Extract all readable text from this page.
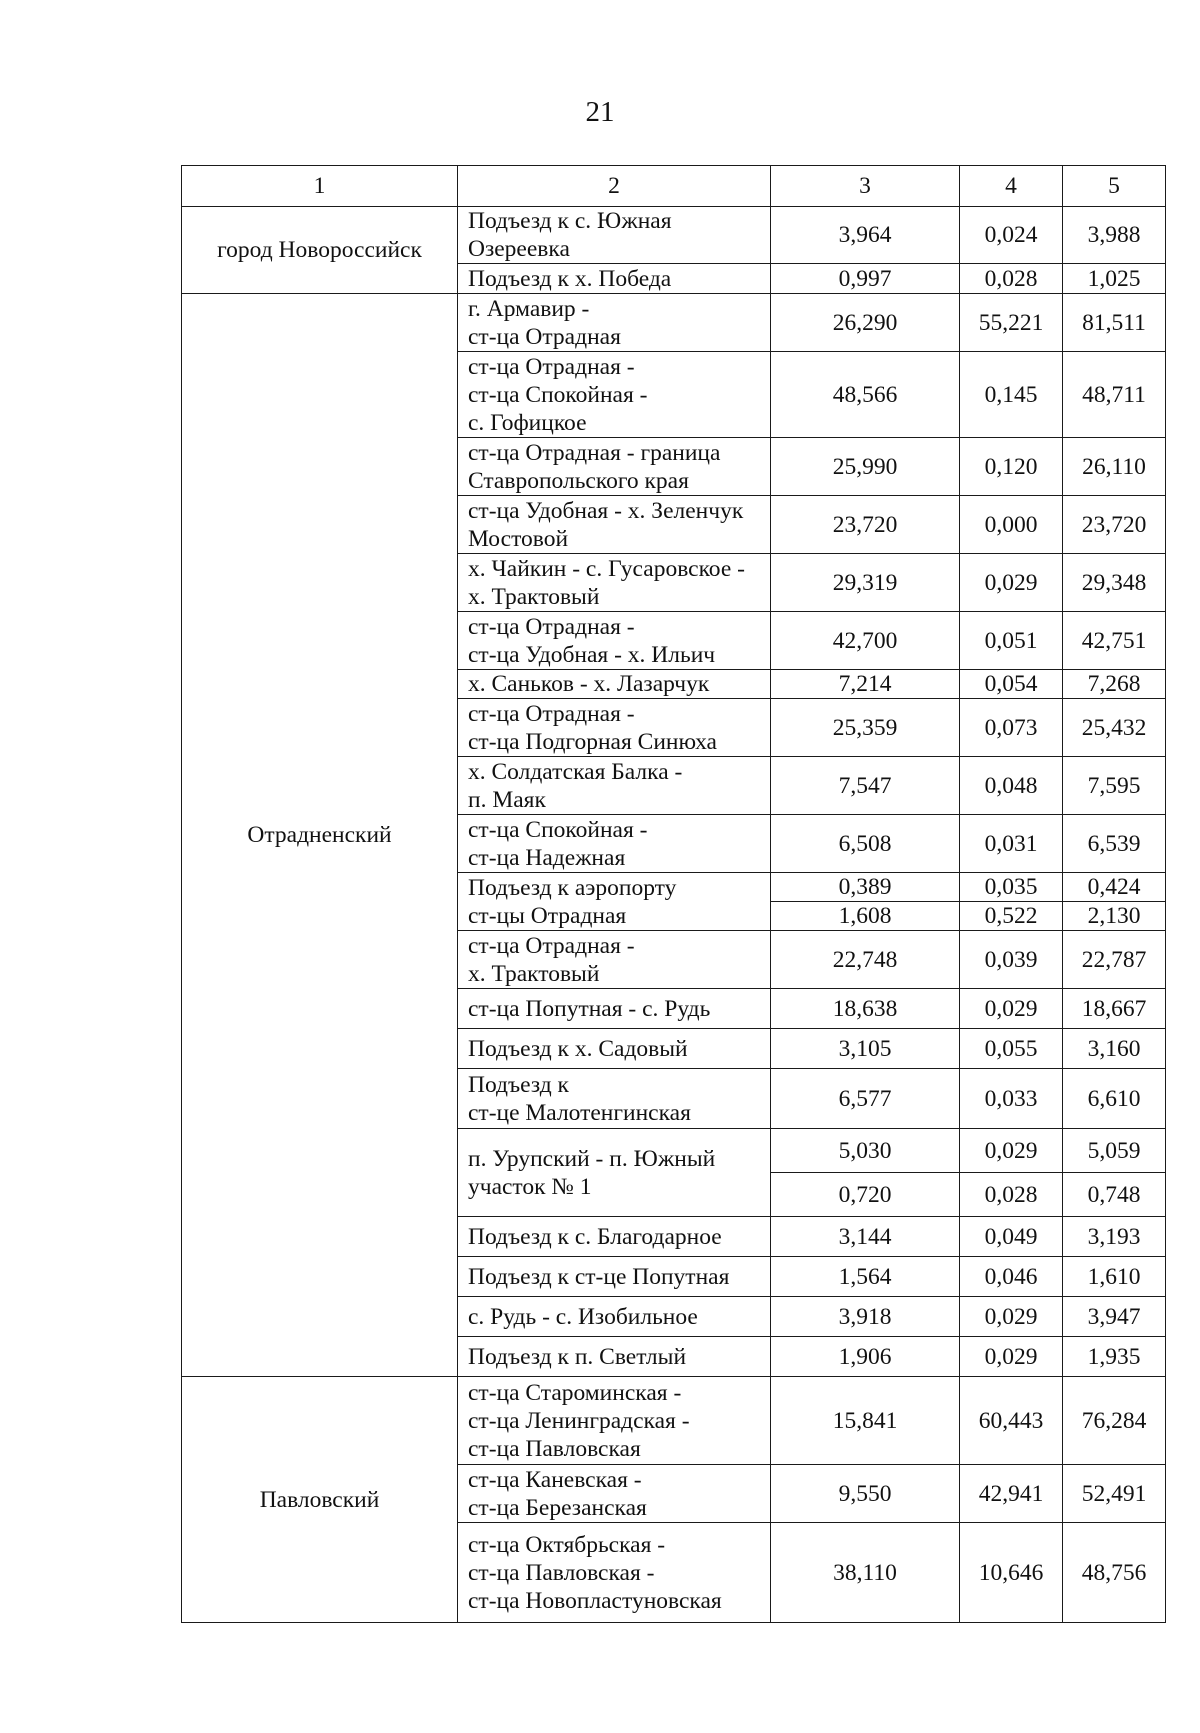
21
1	2	3	4	5
город Новороссийск	Подъезд к с. Южная
Озереевка	3,964	0,024	3,988
	Подъезд к х. Победа	0,997	0,028	1,025
Отрадненский	г. Армавир -
ст-ца Отрадная	26,290	55,221	81,511
	ст-ца Отрадная -
ст-ца Спокойная -
с. Гофицкое	48,566	0,145	48,711
	ст-ца Отрадная - граница
Ставропольского края	25,990	0,120	26,110
	ст-ца Удобная - х. Зеленчук
Мостовой	23,720	0,000	23,720
	х. Чайкин - с. Гусаровское -
х. Трактовый	29,319	0,029	29,348
	ст-ца Отрадная -
ст-ца Удобная - х. Ильич	42,700	0,051	42,751
	х. Саньков - х. Лазарчук	7,214	0,054	7,268
	ст-ца Отрадная -
ст-ца Подгорная Синюха	25,359	0,073	25,432
	х. Солдатская Балка -
п. Маяк	7,547	0,048	7,595
	ст-ца Спокойная -
ст-ца Надежная	6,508	0,031	6,539
	Подъезд к аэропорту
ст-цы Отрадная	0,389	0,035	0,424
		1,608	0,522	2,130
	ст-ца Отрадная -
х. Трактовый	22,748	0,039	22,787
	ст-ца Попутная - с. Рудь	18,638	0,029	18,667
	Подъезд к х. Садовый	3,105	0,055	3,160
	Подъезд к
ст-це Малотенгинская	6,577	0,033	6,610
	п. Урупский - п. Южный
участок № 1	5,030	0,029	5,059
		0,720	0,028	0,748
	Подъезд к с. Благодарное	3,144	0,049	3,193
	Подъезд к ст-це Попутная	1,564	0,046	1,610
	с. Рудь - с. Изобильное	3,918	0,029	3,947
	Подъезд к п. Светлый	1,906	0,029	1,935
Павловский	ст-ца Староминская -
ст-ца Ленинградская -
ст-ца Павловская	15,841	60,443	76,284
	ст-ца Каневская -
ст-ца Березанская	9,550	42,941	52,491
	ст-ца Октябрьская -
ст-ца Павловская -
ст-ца Новопластуновская	38,110	10,646	48,756
